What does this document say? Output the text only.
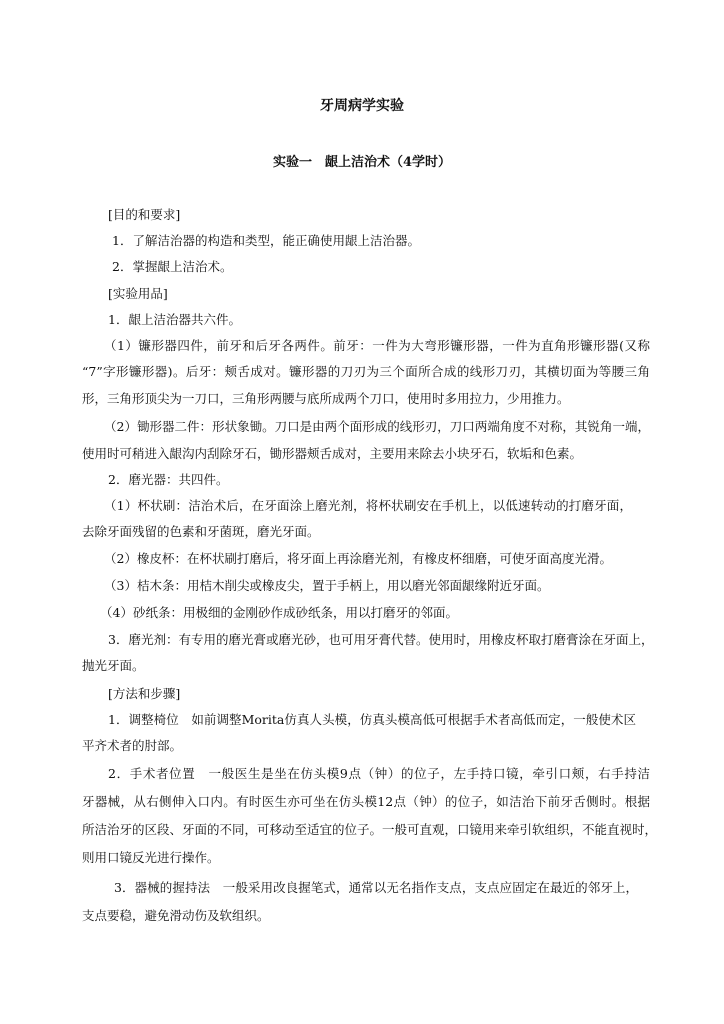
牙周病学实验
实验一　龈上洁治术（4学时）

[目的和要求]

1．了解洁治器的构造和类型，能正确使用龈上洁治器。

2．掌握龈上洁治术。

[实验用品]

1．龈上洁治器共六件。

（1）镰形器四件，前牙和后牙各两件。前牙：一件为大弯形镰形器，一件为直角形镰形器(又称

“7”字形镰形器)。后牙：颊舌成对。镰形器的刀刃为三个面所合成的线形刀刃，其横切面为等腰三角

形，三角形顶尖为一刀口，三角形两腰与底所成两个刀口，使用时多用拉力，少用推力。

（2）锄形器二件：形状象锄。刀口是由两个面形成的线形刃，刀口两端角度不对称，其锐角一端，

使用时可稍进入龈沟内刮除牙石，锄形器颊舌成对，主要用来除去小块牙石，软垢和色素。

2．磨光器：共四件。

（1）杯状刷：洁治术后，在牙面涂上磨光剂，将杯状刷安在手机上，以低速转动的打磨牙面，

去除牙面残留的色素和牙菌斑，磨光牙面。

（2）橡皮杯：在杯状刷打磨后，将牙面上再涂磨光剂，有橡皮杯细磨，可使牙面高度光滑。

（3）桔木条：用桔木削尖或橡皮尖，置于手柄上，用以磨光邻面龈缘附近牙面。

（4）砂纸条：用极细的金刚砂作成砂纸条，用以打磨牙的邻面。

3．磨光剂：有专用的磨光膏或磨光砂，也可用牙膏代替。使用时，用橡皮杯取打磨膏涂在牙面上，

抛光牙面。

[方法和步骤]

1．调整椅位　如前调整Morita仿真人头模，仿真头模高低可根据手术者高低而定，一般使术区

平齐术者的肘部。

2．手术者位置　一般医生是坐在仿头模9点（钟）的位子，左手持口镜，牵引口颊，右手持洁

牙器械，从右侧伸入口内。有时医生亦可坐在仿头模12点（钟）的位子，如洁治下前牙舌侧时。根据

所洁治牙的区段、牙面的不同，可移动至适宜的位子。一般可直观，口镜用来牵引软组织，不能直视时，

则用口镜反光进行操作。

3．器械的握持法　一般采用改良握笔式，通常以无名指作支点，支点应固定在最近的邻牙上，

支点要稳，避免滑动伤及软组织。
